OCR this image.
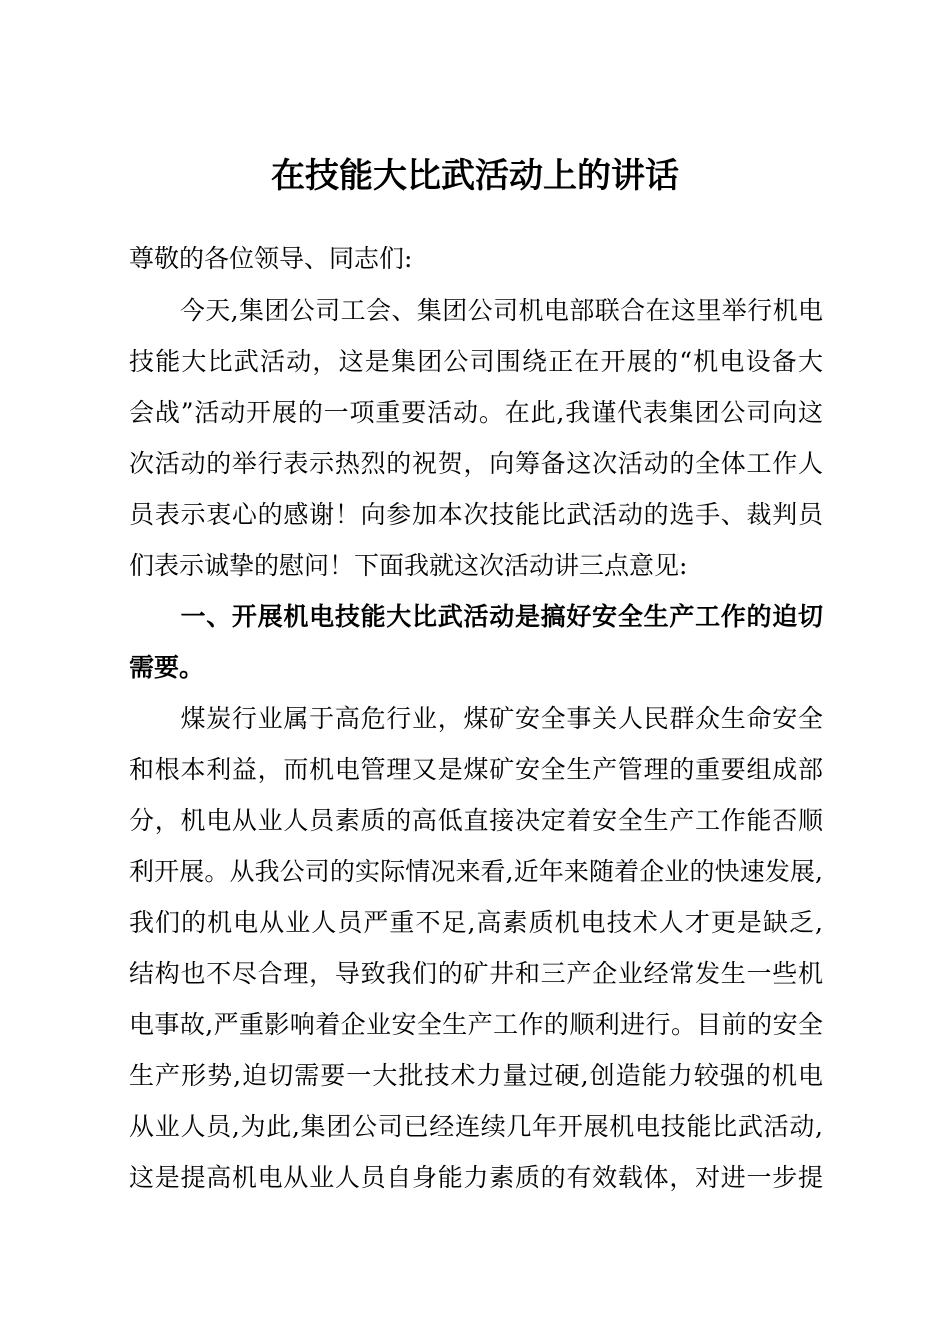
在技能大比武活动上的讲话
尊敬的各位领导、同志们:
　　今天,集团公司工会、集团公司机电部联合在这里举行机电
技能大比武活动，这是集团公司围绕正在开展的“机电设备大
会战”活动开展的一项重要活动。在此,我谨代表集团公司向这
次活动的举行表示热烈的祝贺，向筹备这次活动的全体工作人
员表示衷心的感谢！向参加本次技能比武活动的选手、裁判员
们表示诚挚的慰问！下面我就这次活动讲三点意见:
　　一、开展机电技能大比武活动是搞好安全生产工作的迫切
需要。
　　煤炭行业属于高危行业，煤矿安全事关人民群众生命安全
和根本利益，而机电管理又是煤矿安全生产管理的重要组成部
分，机电从业人员素质的高低直接决定着安全生产工作能否顺
利开展。从我公司的实际情况来看,近年来随着企业的快速发展,
我们的机电从业人员严重不足,高素质机电技术人才更是缺乏,
结构也不尽合理，导致我们的矿井和三产企业经常发生一些机
电事故,严重影响着企业安全生产工作的顺利进行。目前的安全
生产形势,迫切需要一大批技术力量过硬,创造能力较强的机电
从业人员,为此,集团公司已经连续几年开展机电技能比武活动,
这是提高机电从业人员自身能力素质的有效载体，对进一步提
